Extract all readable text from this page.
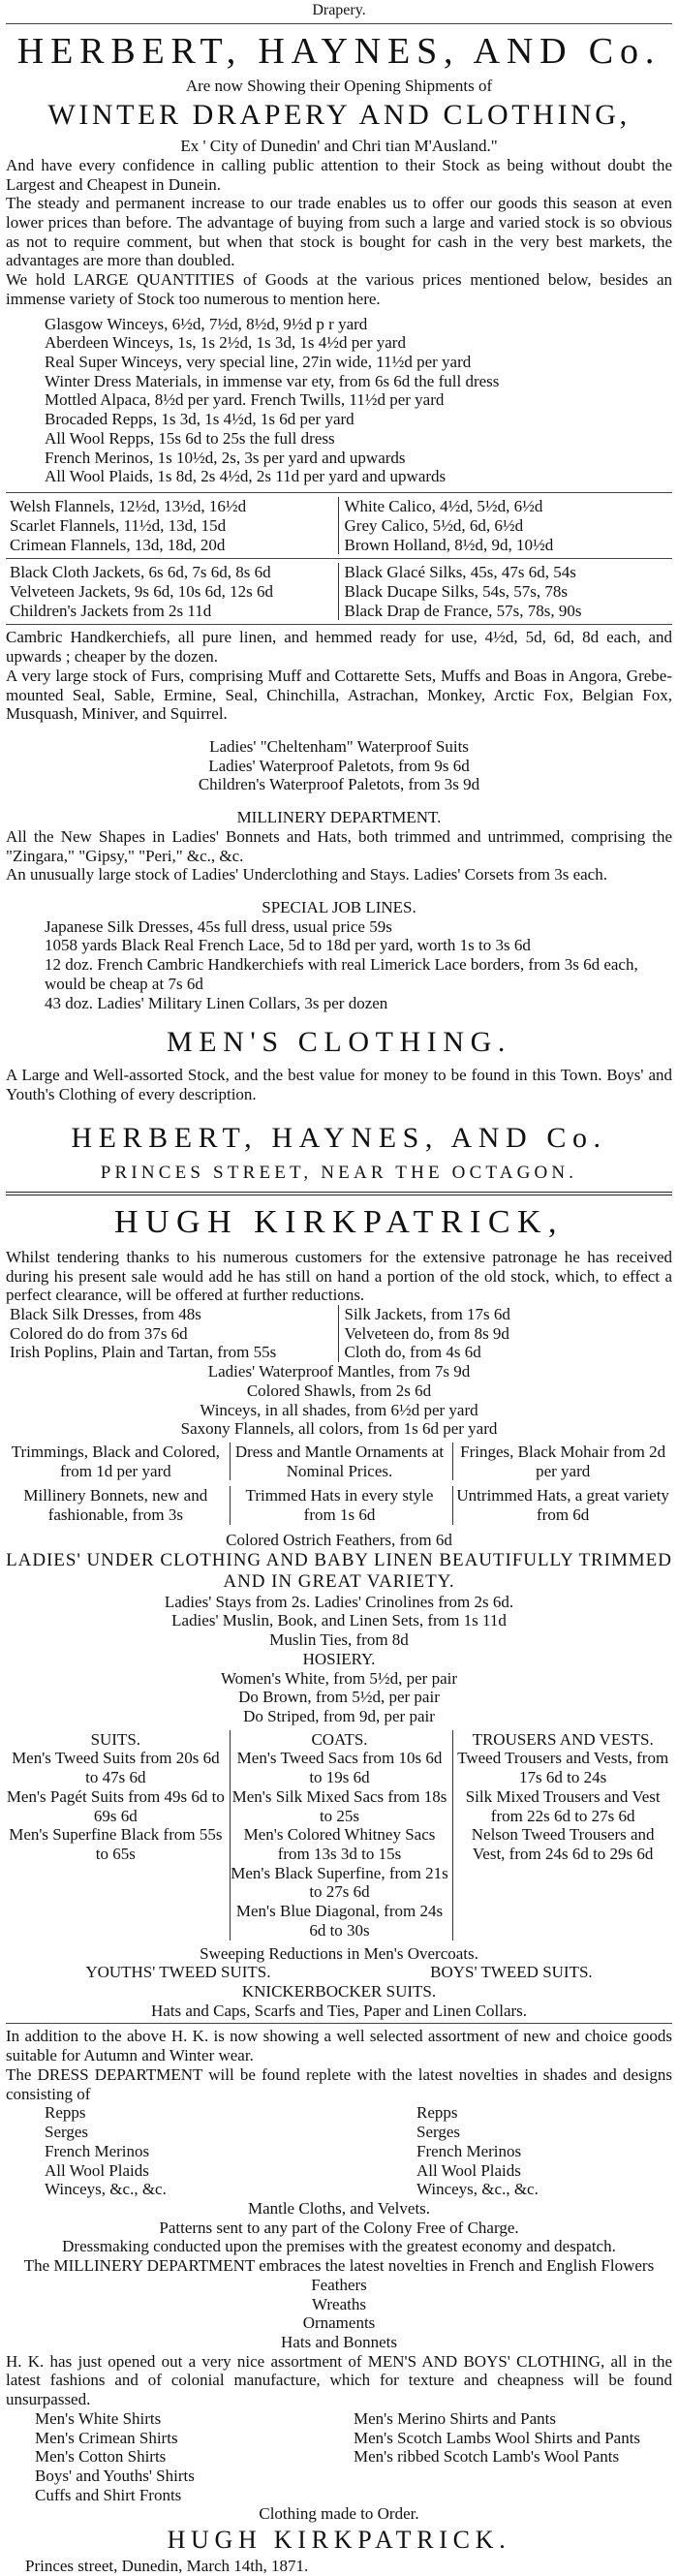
Drapery.
HERBERT, HAYNES, AND Co.
Are now Showing their Opening Shipments of
WINTER DRAPERY AND CLOTHING,
Ex ' City of Dunedin' and Chri tian M'Ausland."

And have every confidence in calling public attention to their Stock as being without doubt the Largest and Cheapest in Dunein.

The steady and permanent increase to our trade enables us to offer our goods this season at even lower prices than before. The advantage of buying from such a large and varied stock is so obvious as not to require comment, but when that stock is bought for cash in the very best markets, the advantages are more than doubled.

We hold LARGE QUANTITIES of Goods at the various prices mentioned below, besides an immense variety of Stock too numerous to mention here.

Glasgow Winceys, 6½d, 7½d, 8½d, 9½d p r yard
Aberdeen Winceys, 1s, 1s 2½d, 1s 3d, 1s 4½d per yard
Real Super Winceys, very special line, 27in wide, 11½d per yard
Winter Dress Materials, in immense var ety, from 6s 6d the full dress
Mottled Alpaca, 8½d per yard. French Twills, 11½d per yard
Brocaded Repps, 1s 3d, 1s 4½d, 1s 6d per yard
All Wool Repps, 15s 6d to 25s the full dress
French Merinos, 1s 10½d, 2s, 3s per yard and upwards
All Wool Plaids, 1s 8d, 2s 4½d, 2s 11d per yard and upwards
Welsh Flannels, 12½d, 13½d, 16½d
Scarlet Flannels, 11½d, 13d, 15d
Crimean Flannels, 13d, 18d, 20d
White Calico, 4½d, 5½d, 6½d
Grey Calico, 5½d, 6d, 6½d
Brown Holland, 8½d, 9d, 10½d
Black Cloth Jackets, 6s 6d, 7s 6d, 8s 6d
Velveteen Jackets, 9s 6d, 10s 6d, 12s 6d
Children's Jackets from 2s 11d
Black Glacé Silks, 45s, 47s 6d, 54s
Black Ducape Silks, 54s, 57s, 78s
Black Drap de France, 57s, 78s, 90s

Cambric Handkerchiefs, all pure linen, and hemmed ready for use, 4½d, 5d, 6d, 8d each, and upwards ; cheaper by the dozen.

A very large stock of Furs, comprising Muff and Cottarette Sets, Muffs and Boas in Angora, Grebe-mounted Seal, Sable, Ermine, Seal, Chinchilla, Astrachan, Monkey, Arctic Fox, Belgian Fox, Musquash, Miniver, and Squirrel.

Ladies' "Cheltenham" Waterproof Suits
Ladies' Waterproof Paletots, from 9s 6d
Children's Waterproof Paletots, from 3s 9d
MILLINERY DEPARTMENT.

All the New Shapes in Ladies' Bonnets and Hats, both trimmed and untrimmed, comprising the "Zingara," "Gipsy," "Peri," &c., &c.

An unusually large stock of Ladies' Underclothing and Stays. Ladies' Corsets from 3s each.

SPECIAL JOB LINES.
Japanese Silk Dresses, 45s full dress, usual price 59s
1058 yards Black Real French Lace, 5d to 18d per yard, worth 1s to 3s 6d
12 doz. French Cambric Handkerchiefs with real Limerick Lace borders, from 3s 6d each, would be cheap at 7s 6d
43 doz. Ladies' Military Linen Collars, 3s per dozen
MEN'S CLOTHING.

A Large and Well-assorted Stock, and the best value for money to be found in this Town. Boys' and Youth's Clothing of every description.

HERBERT, HAYNES, AND Co.
PRINCES STREET, NEAR THE OCTAGON.
HUGH KIRKPATRICK,

Whilst tendering thanks to his numerous customers for the extensive patronage he has received during his present sale would add he has still on hand a portion of the old stock, which, to effect a perfect clearance, will be offered at further reductions.

Black Silk Dresses, from 48s
Colored do do from 37s 6d
Irish Poplins, Plain and Tartan, from 55s
Silk Jackets, from 17s 6d
Velveteen do, from 8s 9d
Cloth do, from 4s 6d
Ladies' Waterproof Mantles, from 7s 9d
Colored Shawls, from 2s 6d
Winceys, in all shades, from 6½d per yard
Saxony Flannels, all colors, from 1s 6d per yard
Trimmings, Black and Colored, from 1d per yard
Dress and Mantle Ornaments at Nominal Prices.
Fringes, Black Mohair from 2d per yard
Millinery Bonnets, new and fashionable, from 3s
Trimmed Hats in every style from 1s 6d
Untrimmed Hats, a great variety from 6d
Colored Ostrich Feathers, from 6d
LADIES' UNDER CLOTHING AND BABY LINEN BEAUTIFULLY TRIMMED AND IN GREAT VARIETY.
Ladies' Stays from 2s. Ladies' Crinolines from 2s 6d.
Ladies' Muslin, Book, and Linen Sets, from 1s 11d
Muslin Ties, from 8d
HOSIERY.
Women's White, from 5½d, per pair
Do Brown, from 5½d, per pair
Do Striped, from 9d, per pair
SUITS.
Men's Tweed Suits from 20s 6d to 47s 6d
Men's Pagét Suits from 49s 6d to 69s 6d
Men's Superfine Black from 55s to 65s
COATS.
Men's Tweed Sacs from 10s 6d to 19s 6d
Men's Silk Mixed Sacs from 18s to 25s
Men's Colored Whitney Sacs from 13s 3d to 15s
Men's Black Superfine, from 21s to 27s 6d
Men's Blue Diagonal, from 24s 6d to 30s
TROUSERS AND VESTS.
Tweed Trousers and Vests, from 17s 6d to 24s
Silk Mixed Trousers and Vest from 22s 6d to 27s 6d
Nelson Tweed Trousers and Vest, from 24s 6d to 29s 6d
Sweeping Reductions in Men's Overcoats.
YOUTHS' TWEED SUITS.	BOYS' TWEED SUITS.
KNICKERBOCKER SUITS.
Hats and Caps, Scarfs and Ties, Paper and Linen Collars.

In addition to the above H. K. is now showing a well selected assortment of new and choice goods suitable for Autumn and Winter wear.

The DRESS DEPARTMENT will be found replete with the latest novelties in shades and designs consisting of

Repps
Serges
French Merinos
All Wool Plaids
Winceys, &c., &c.
Repps
Serges
French Merinos
All Wool Plaids
Winceys, &c., &c.
Mantle Cloths, and Velvets.
Patterns sent to any part of the Colony Free of Charge.
Dressmaking conducted upon the premises with the greatest economy and despatch.
The MILLINERY DEPARTMENT embraces the latest novelties in French and English Flowers
Feathers
Wreaths
Ornaments
Hats and Bonnets

H. K. has just opened out a very nice assortment of MEN'S AND BOYS' CLOTHING, all in the latest fashions and of colonial manufacture, which for texture and cheapness will be found unsurpassed.

Men's White Shirts
Men's Crimean Shirts
Men's Cotton Shirts
Boys' and Youths' Shirts
Cuffs and Shirt Fronts
Men's Merino Shirts and Pants
Men's Scotch Lambs Wool Shirts and Pants
Men's ribbed Scotch Lamb's Wool Pants
Clothing made to Order.
HUGH KIRKPATRICK.
Princes street, Dunedin, March 14th, 1871.
